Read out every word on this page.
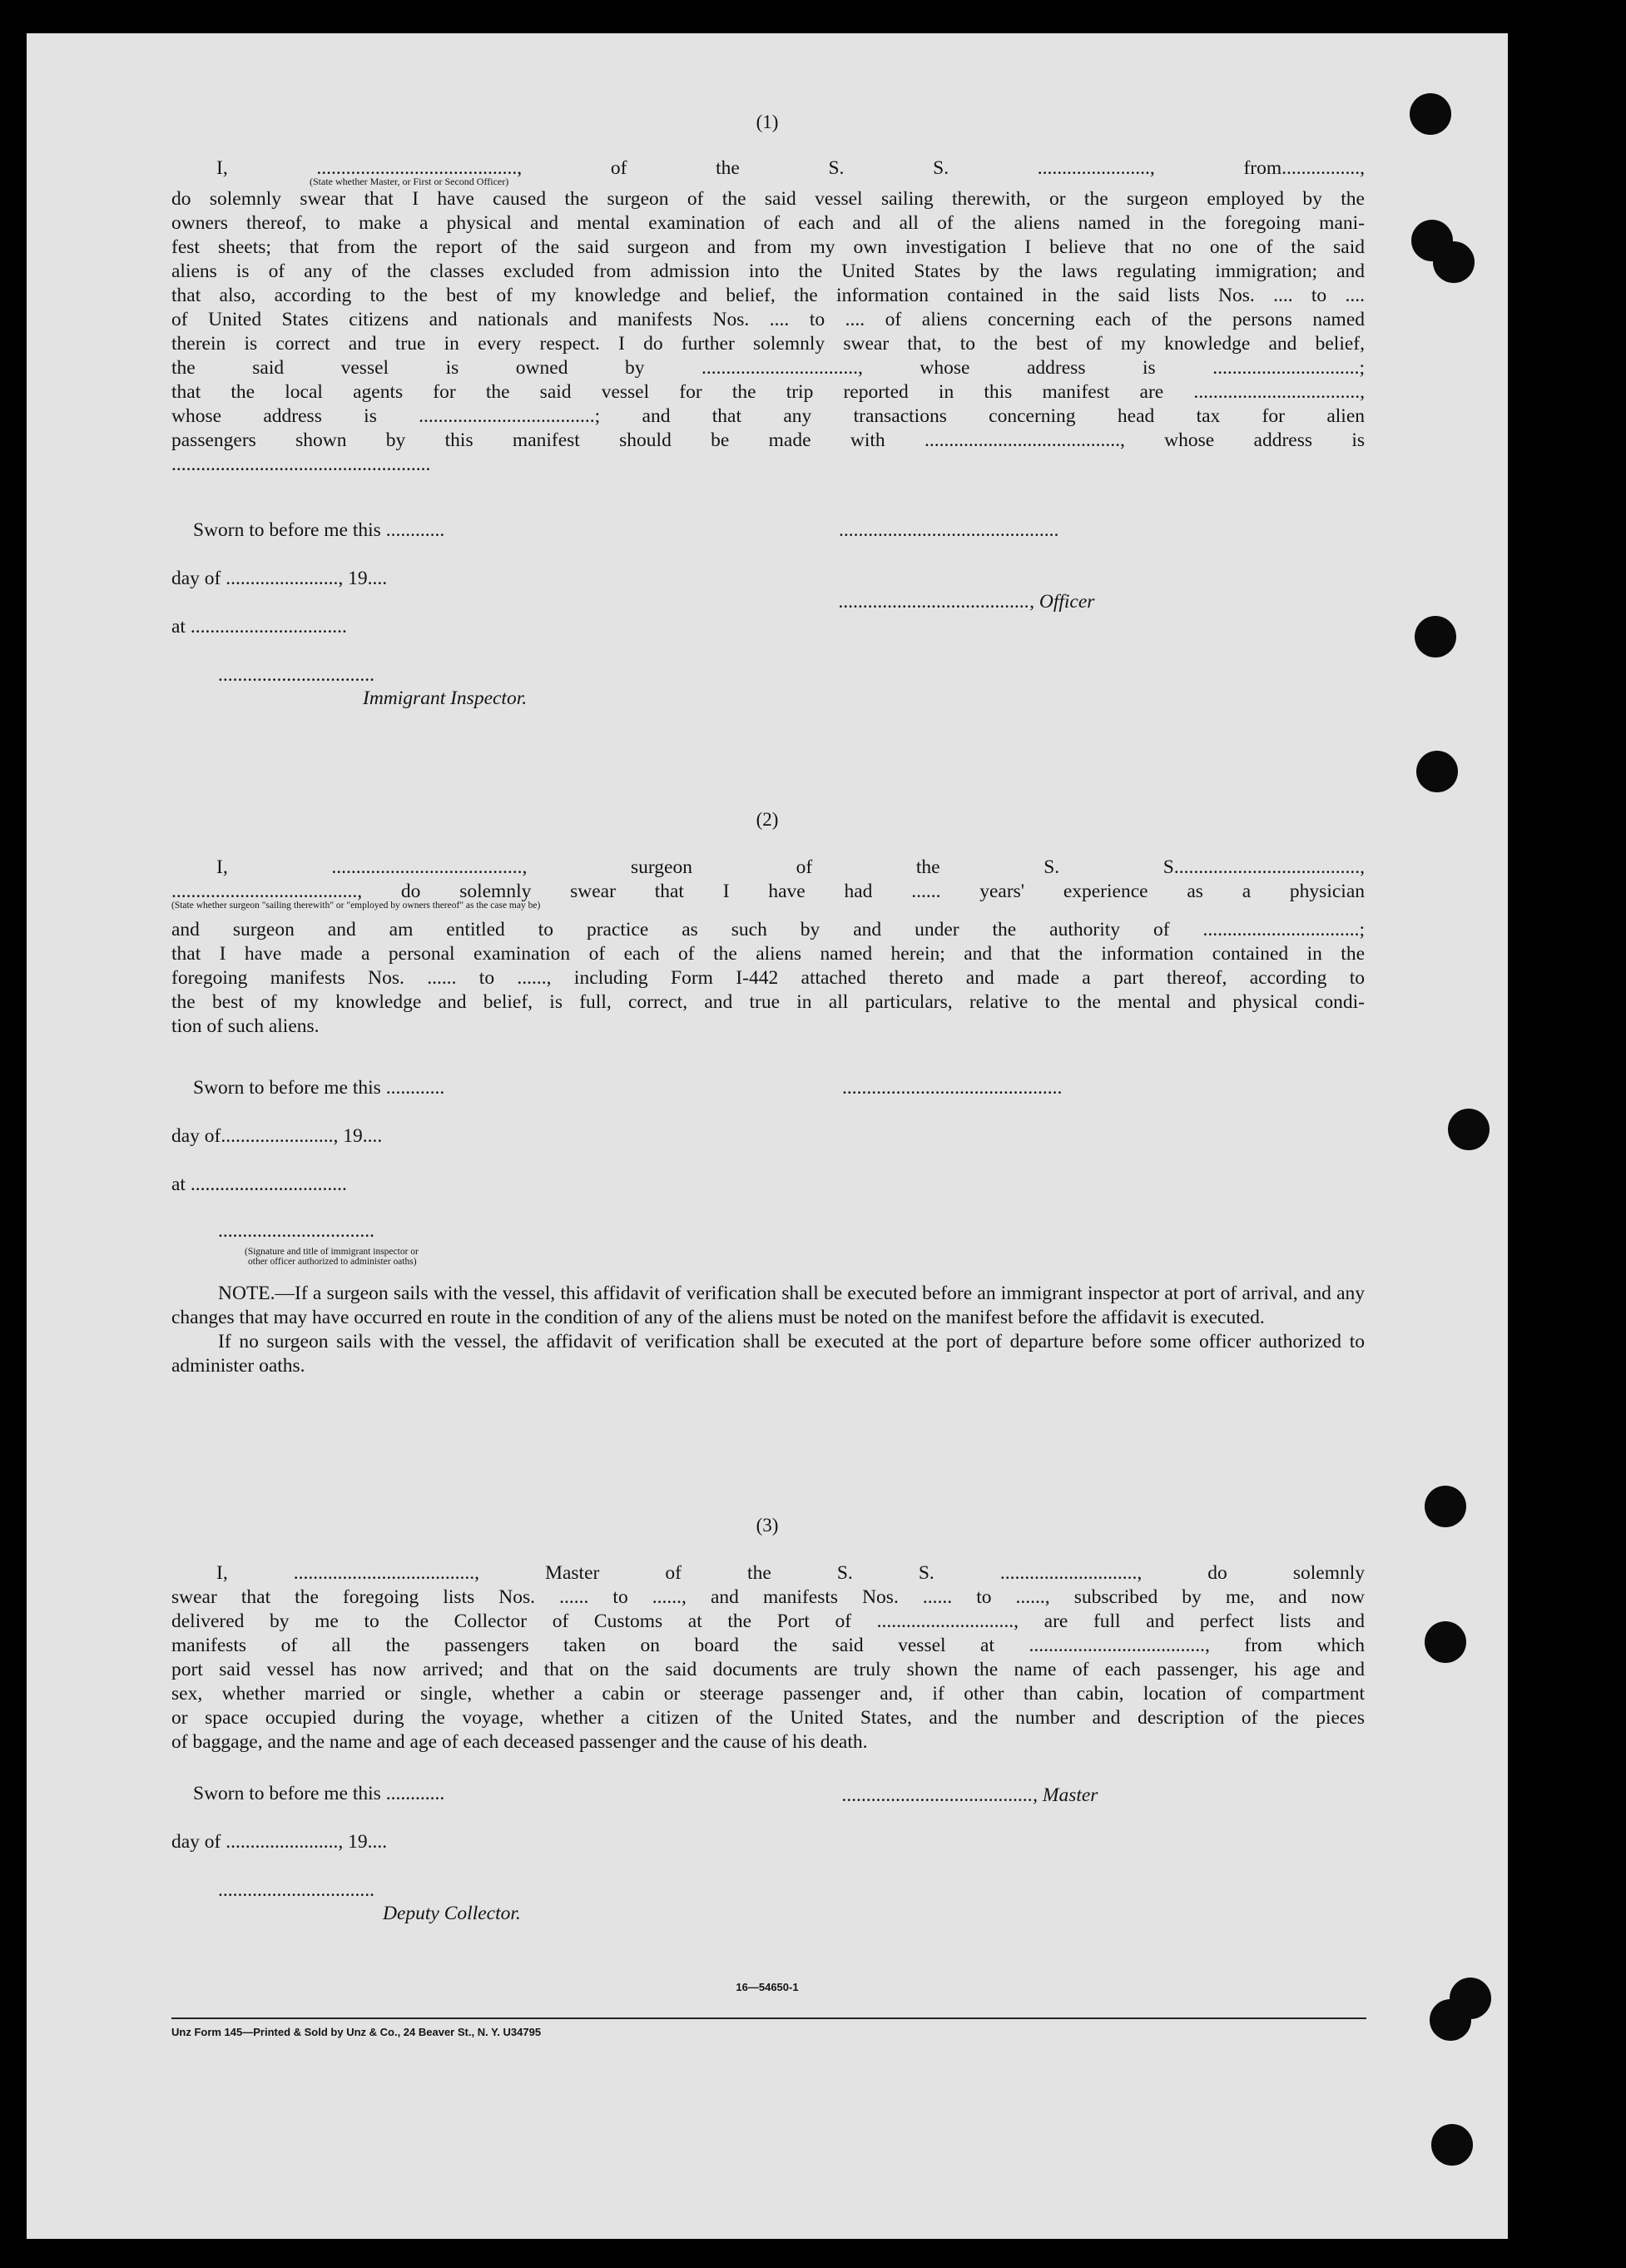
(1)
I, ........................................., of the S. S. ......................., from................,
(State whether Master, or First or Second Officer)
do solemnly swear that I have caused the surgeon of the said vessel sailing therewith, or the surgeon employed by the
owners thereof, to make a physical and mental examination of each and all of the aliens named in the foregoing mani-
fest sheets; that from the report of the said surgeon and from my own investigation I believe that no one of the said
aliens is of any of the classes excluded from admission into the United States by the laws regulating immigration; and
that also, according to the best of my knowledge and belief, the information contained in the said lists Nos. .... to ....
of United States citizens and nationals and manifests Nos. .... to .... of aliens concerning each of the persons named
therein is correct and true in every respect. I do further solemnly swear that, to the best of my knowledge and belief,
the said vessel is owned by ................................, whose address is ..............................;
that the local agents for the said vessel for the trip reported in this manifest are ..................................,
whose address is ....................................; and that any transactions concerning head tax for alien
passengers shown by this manifest should be made with ........................................, whose address is
.....................................................
Sworn to before me this ............	.............................................
day of ......................., 19....
......................................., Officer
at ................................
................................
Immigrant Inspector.
(2)
I, ......................................., surgeon of the S. S......................................,
......................................, do solemnly swear that I have had ...... years' experience as a physician
(State whether surgeon "sailing therewith" or "employed by owners thereof" as the case may be)
and surgeon and am entitled to practice as such by and under the authority of ................................;
that I have made a personal examination of each of the aliens named herein; and that the information contained in the
foregoing manifests Nos. ...... to ......, including Form I-442 attached thereto and made a part thereof, according to
the best of my knowledge and belief, is full, correct, and true in all particulars, relative to the mental and physical condi-
tion of such aliens.
Sworn to before me this ............	.............................................
day of......................., 19....
at ................................
................................
(Signature and title of immigrant inspector or
other officer authorized to administer oaths)

NOTE.—If a surgeon sails with the vessel, this affidavit of verification shall be executed before an immigrant inspector at port of arrival, and any changes that may have occurred en route in the condition of any of the aliens must be noted on the manifest before the affidavit is executed.

If no surgeon sails with the vessel, the affidavit of verification shall be executed at the port of departure before some officer authorized to administer oaths.

(3)
I, ....................................., Master of the S. S. ............................, do solemnly
swear that the foregoing lists Nos. ...... to ......, and manifests Nos. ...... to ......, subscribed by me, and now
delivered by me to the Collector of Customs at the Port of ............................, are full and perfect lists and
manifests of all the passengers taken on board the said vessel at ...................................., from which
port said vessel has now arrived; and that on the said documents are truly shown the name of each passenger, his age and
sex, whether married or single, whether a cabin or steerage passenger and, if other than cabin, location of compartment
or space occupied during the voyage, whether a citizen of the United States, and the number and description of the pieces
of baggage, and the name and age of each deceased passenger and the cause of his death.
Sworn to before me this ............	......................................., Master
day of ......................., 19....
................................
Deputy Collector.
16—54650-1
Unz Form 145—Printed & Sold by Unz & Co., 24 Beaver St., N. Y. U34795
